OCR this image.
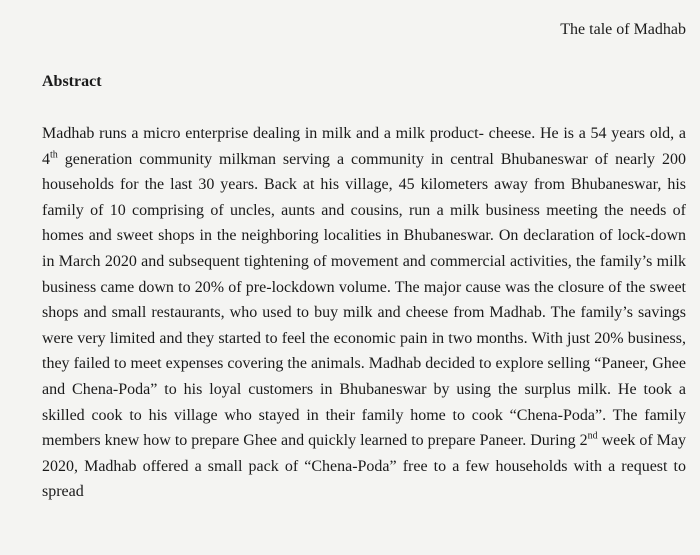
The tale of Madhab
Abstract

Madhab runs a micro enterprise dealing in milk and a milk product- cheese. He is a 54 years old, a 4th generation community milkman serving a community in central Bhubaneswar of nearly 200 households for the last 30 years. Back at his village, 45 kilometers away from Bhubaneswar, his family of 10 comprising of uncles, aunts and cousins, run a milk business meeting the needs of homes and sweet shops in the neighboring localities in Bhubaneswar. On declaration of lock-down in March 2020 and subsequent tightening of movement and commercial activities, the family’s milk business came down to 20% of pre-lockdown volume. The major cause was the closure of the sweet shops and small restaurants, who used to buy milk and cheese from Madhab. The family’s savings were very limited and they started to feel the economic pain in two months. With just 20% business, they failed to meet expenses covering the animals. Madhab decided to explore selling “Paneer, Ghee and Chena-Poda” to his loyal customers in Bhubaneswar by using the surplus milk. He took a skilled cook to his village who stayed in their family home to cook “Chena-Poda”. The family members knew how to prepare Ghee and quickly learned to prepare Paneer. During 2nd week of May 2020, Madhab offered a small pack of “Chena-Poda” free to a few households with a request to spread
